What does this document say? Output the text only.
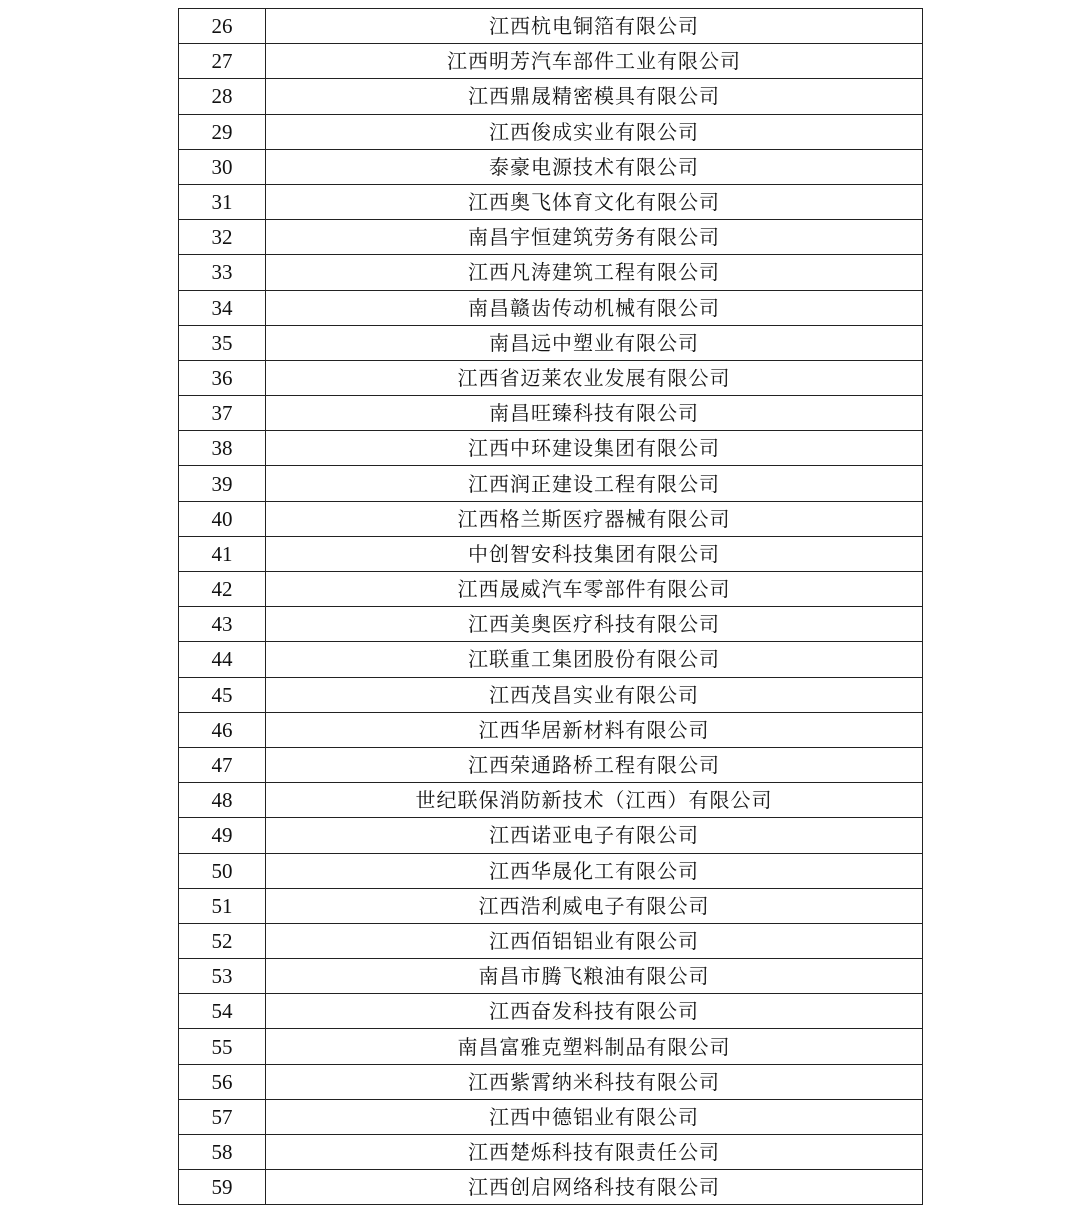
26	江西杭电铜箔有限公司
27	江西明芳汽车部件工业有限公司
28	江西鼎晟精密模具有限公司
29	江西俊成实业有限公司
30	泰豪电源技术有限公司
31	江西奥飞体育文化有限公司
32	南昌宇恒建筑劳务有限公司
33	江西凡涛建筑工程有限公司
34	南昌赣齿传动机械有限公司
35	南昌远中塑业有限公司
36	江西省迈莱农业发展有限公司
37	南昌旺臻科技有限公司
38	江西中环建设集团有限公司
39	江西润正建设工程有限公司
40	江西格兰斯医疗器械有限公司
41	中创智安科技集团有限公司
42	江西晟威汽车零部件有限公司
43	江西美奥医疗科技有限公司
44	江联重工集团股份有限公司
45	江西茂昌实业有限公司
46	江西华居新材料有限公司
47	江西荣通路桥工程有限公司
48	世纪联保消防新技术（江西）有限公司
49	江西诺亚电子有限公司
50	江西华晟化工有限公司
51	江西浩利威电子有限公司
52	江西佰铝铝业有限公司
53	南昌市腾飞粮油有限公司
54	江西奋发科技有限公司
55	南昌富雅克塑料制品有限公司
56	江西紫霄纳米科技有限公司
57	江西中德铝业有限公司
58	江西楚烁科技有限责任公司
59	江西创启网络科技有限公司
